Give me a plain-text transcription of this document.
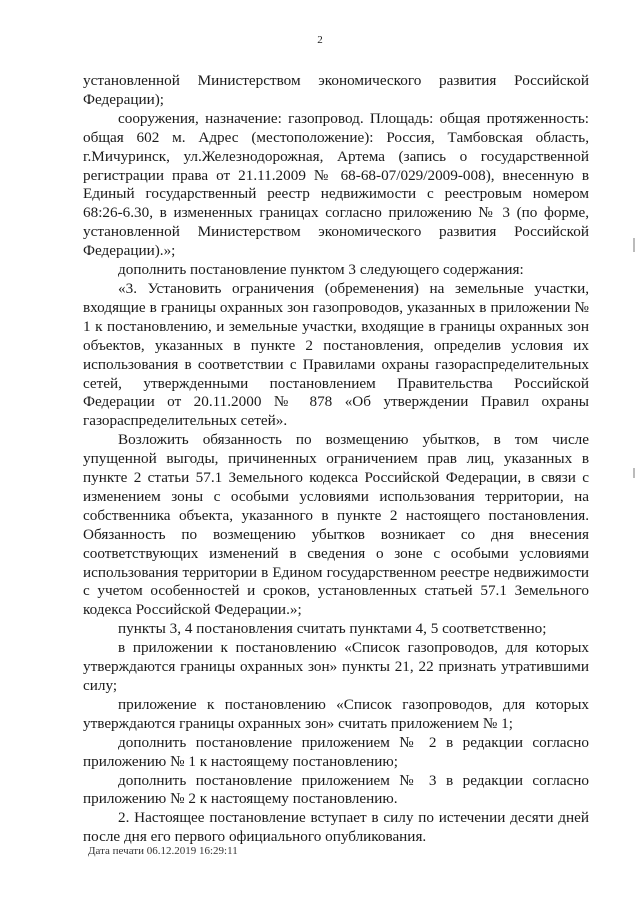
2

установленной Министерством экономического развития Российской Федерации);

сооружения, назначение: газопровод. Площадь: общая протяженность: общая 602 м. Адрес (местоположение): Россия, Тамбовская область, г.Мичуринск, ул.Железнодорожная, Артема (запись о государственной регистрации права от 21.11.2009 № 68-68-07/029/2009-008), внесенную в Единый государственный реестр недвижимости с реестровым номером 68:26-6.30, в измененных границах согласно приложению № 3 (по форме, установленной Министерством экономического развития Российской Федерации).»;

дополнить постановление пунктом 3 следующего содержания:

«3. Установить ограничения (обременения) на земельные участки, входящие в границы охранных зон газопроводов, указанных в приложении № 1 к постановлению, и земельные участки, входящие в границы охранных зон объектов, указанных в пункте 2 постановления, определив условия их использования в соответствии с Правилами охраны газораспределительных сетей, утвержденными постановлением Правительства Российской Федерации от 20.11.2000 № 878 «Об утверждении Правил охраны газораспределительных сетей».

Возложить обязанность по возмещению убытков, в том числе упущенной выгоды, причиненных ограничением прав лиц, указанных в пункте 2 статьи 57.1 Земельного кодекса Российской Федерации, в связи с изменением зоны с особыми условиями использования территории, на собственника объекта, указанного в пункте 2 настоящего постановления. Обязанность по возмещению убытков возникает со дня внесения соответствующих изменений в сведения о зоне с особыми условиями использования территории в Едином государственном реестре недвижимости с учетом особенностей и сроков, установленных статьей 57.1 Земельного кодекса Российской Федерации.»;

пункты 3, 4 постановления считать пунктами 4, 5 соответственно;

в приложении к постановлению «Список газопроводов, для которых утверждаются границы охранных зон» пункты 21, 22 признать утратившими силу;

приложение к постановлению «Список газопроводов, для которых утверждаются границы охранных зон» считать приложением № 1;

дополнить постановление приложением № 2 в редакции согласно приложению № 1 к настоящему постановлению;

дополнить постановление приложением № 3 в редакции согласно приложению № 2 к настоящему постановлению.

2. Настоящее постановление вступает в силу по истечении десяти дней после дня его первого официального опубликования.

Дата печати 06.12.2019 16:29:11
